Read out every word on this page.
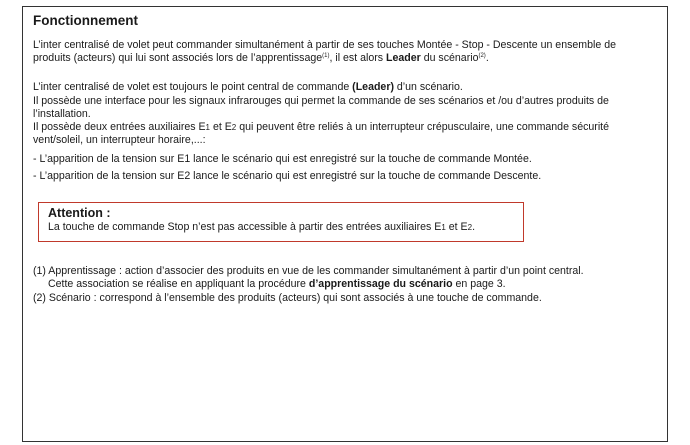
Fonctionnement

L’inter centralisé de volet peut commander simultanément à partir de ses touches Montée - Stop - Descente un ensemble de produits (acteurs) qui lui sont associés lors de l’apprentissage$^{(1)}$, il est alors Leader du scénario$^{(2)}$.

L’inter centralisé de volet est toujours le point central de commande (Leader) d’un scénario.

Il possède une interface pour les signaux infrarouges qui permet la commande de ses scénarios et /ou d’autres produits de l’installation.

Il possède deux entrées auxiliaires E1 et E2 qui peuvent être reliés à un interrupteur crépusculaire, une commande sécurité vent/soleil, un interrupteur horaire,...:

- L’apparition de la tension sur E1 lance le scénario qui est enregistré sur la touche de commande Montée.

- L’apparition de la tension sur E2 lance le scénario qui est enregistré sur la touche de commande Descente.

Attention :

La touche de commande Stop n’est pas accessible à partir des entrées auxiliaires E1 et E2.

(1) Apprentissage : action d’associer des produits en vue de les commander simultanément à partir d’un point central.

Cette association se réalise en appliquant la procédure d’apprentissage du scénario en page 3.

(2) Scénario : correspond à l’ensemble des produits (acteurs) qui sont associés à une touche de commande.
